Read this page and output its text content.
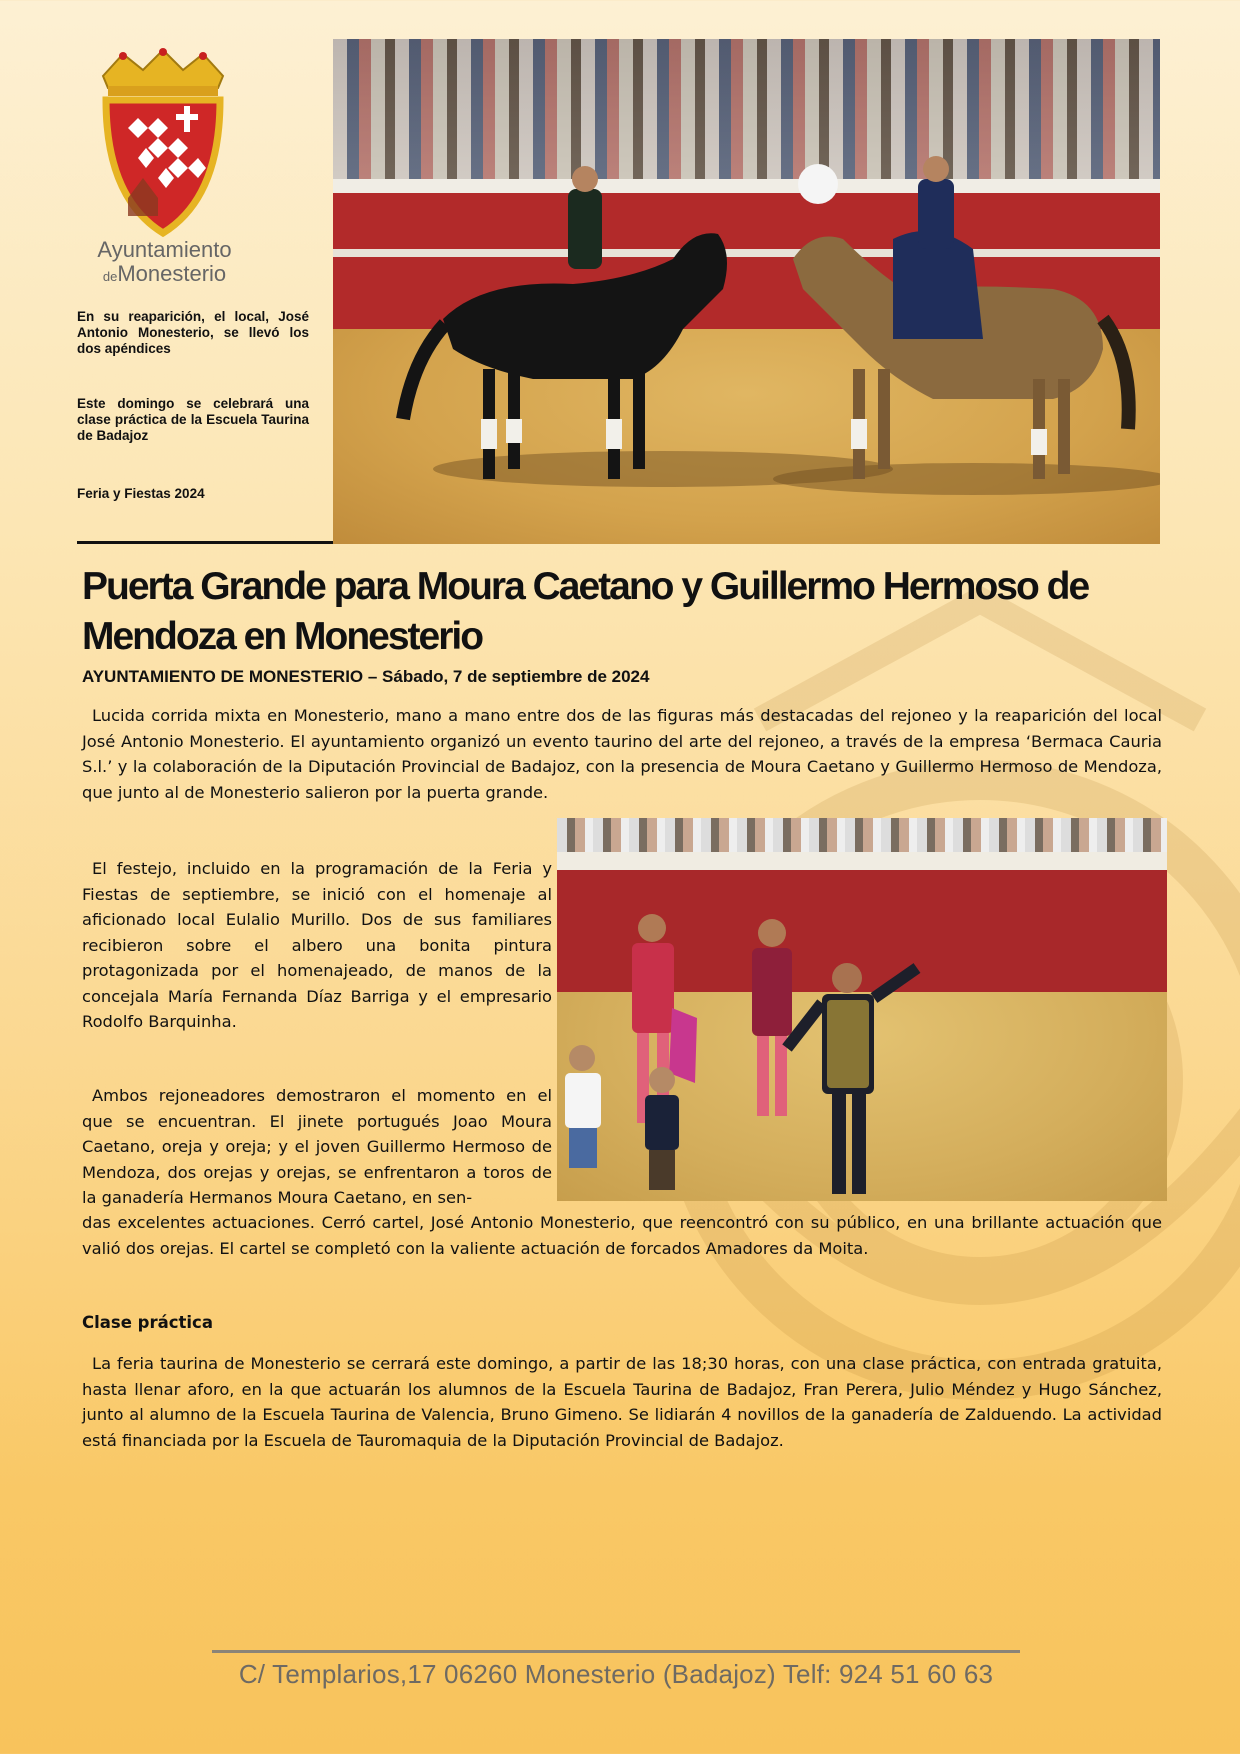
Ayuntamiento
deMonesterio
En su reaparición, el local, José Antonio Monesterio, se llevó los dos apéndices
Este domingo se celebrará una clase práctica de la Escuela Taurina de Badajoz
Feria y Fiestas 2024
Puerta Grande para Moura Caetano y Guillermo Hermoso de Mendoza en Monesterio
AYUNTAMIENTO DE MONESTERIO – Sábado, 7 de septiembre de 2024

Lucida corrida mixta en Monesterio, mano a mano entre dos de las figuras más destacadas del rejoneo y la reaparición del local José Antonio Monesterio. El ayuntamiento organizó un evento taurino del arte del rejoneo, a través de la empresa ‘Bermaca Cauria S.l.’ y la colaboración de la Diputación Provincial de Badajoz, con la presencia de Moura Caetano y Guillermo Hermoso de Mendoza, que junto al de Monesterio salieron por la puerta grande.

El festejo, incluido en la programación de la Feria y Fiestas de septiembre, se inició con el homenaje al aficionado local Eulalio Murillo. Dos de sus familiares recibieron sobre el albero una bonita pintura protagonizada por el homenajeado, de manos de la concejala María Fernanda Díaz Barriga y el empresario Rodolfo Barquinha.

Ambos rejoneadores demostraron el momento en el que se encuentran. El jinete portugués Joao Moura Caetano, oreja y oreja; y el joven Guillermo Hermoso de Mendoza, dos orejas y orejas, se enfrentaron a toros de la ganadería Hermanos Moura Caetano, en sen-

das excelentes actuaciones. Cerró cartel, José Antonio Monesterio, que reencontró con su público, en una brillante actuación que valió dos orejas. El cartel se completó con la valiente actuación de forcados Amadores da Moita.

Clase práctica

La feria taurina de Monesterio se cerrará este domingo, a partir de las 18;30 horas, con una clase práctica, con entrada gratuita, hasta llenar aforo, en la que actuarán los alumnos de la Escuela Taurina de Badajoz, Fran Perera, Julio Méndez y Hugo Sánchez, junto al alumno de la Escuela Taurina de Valencia, Bruno Gimeno. Se lidiarán 4 novillos de la ganadería de Zalduendo. La actividad está financiada por la Escuela de Tauromaquia de la Diputación Provincial de Badajoz.

C/ Templarios,17 06260 Monesterio (Badajoz) Telf: 924 51 60 63
